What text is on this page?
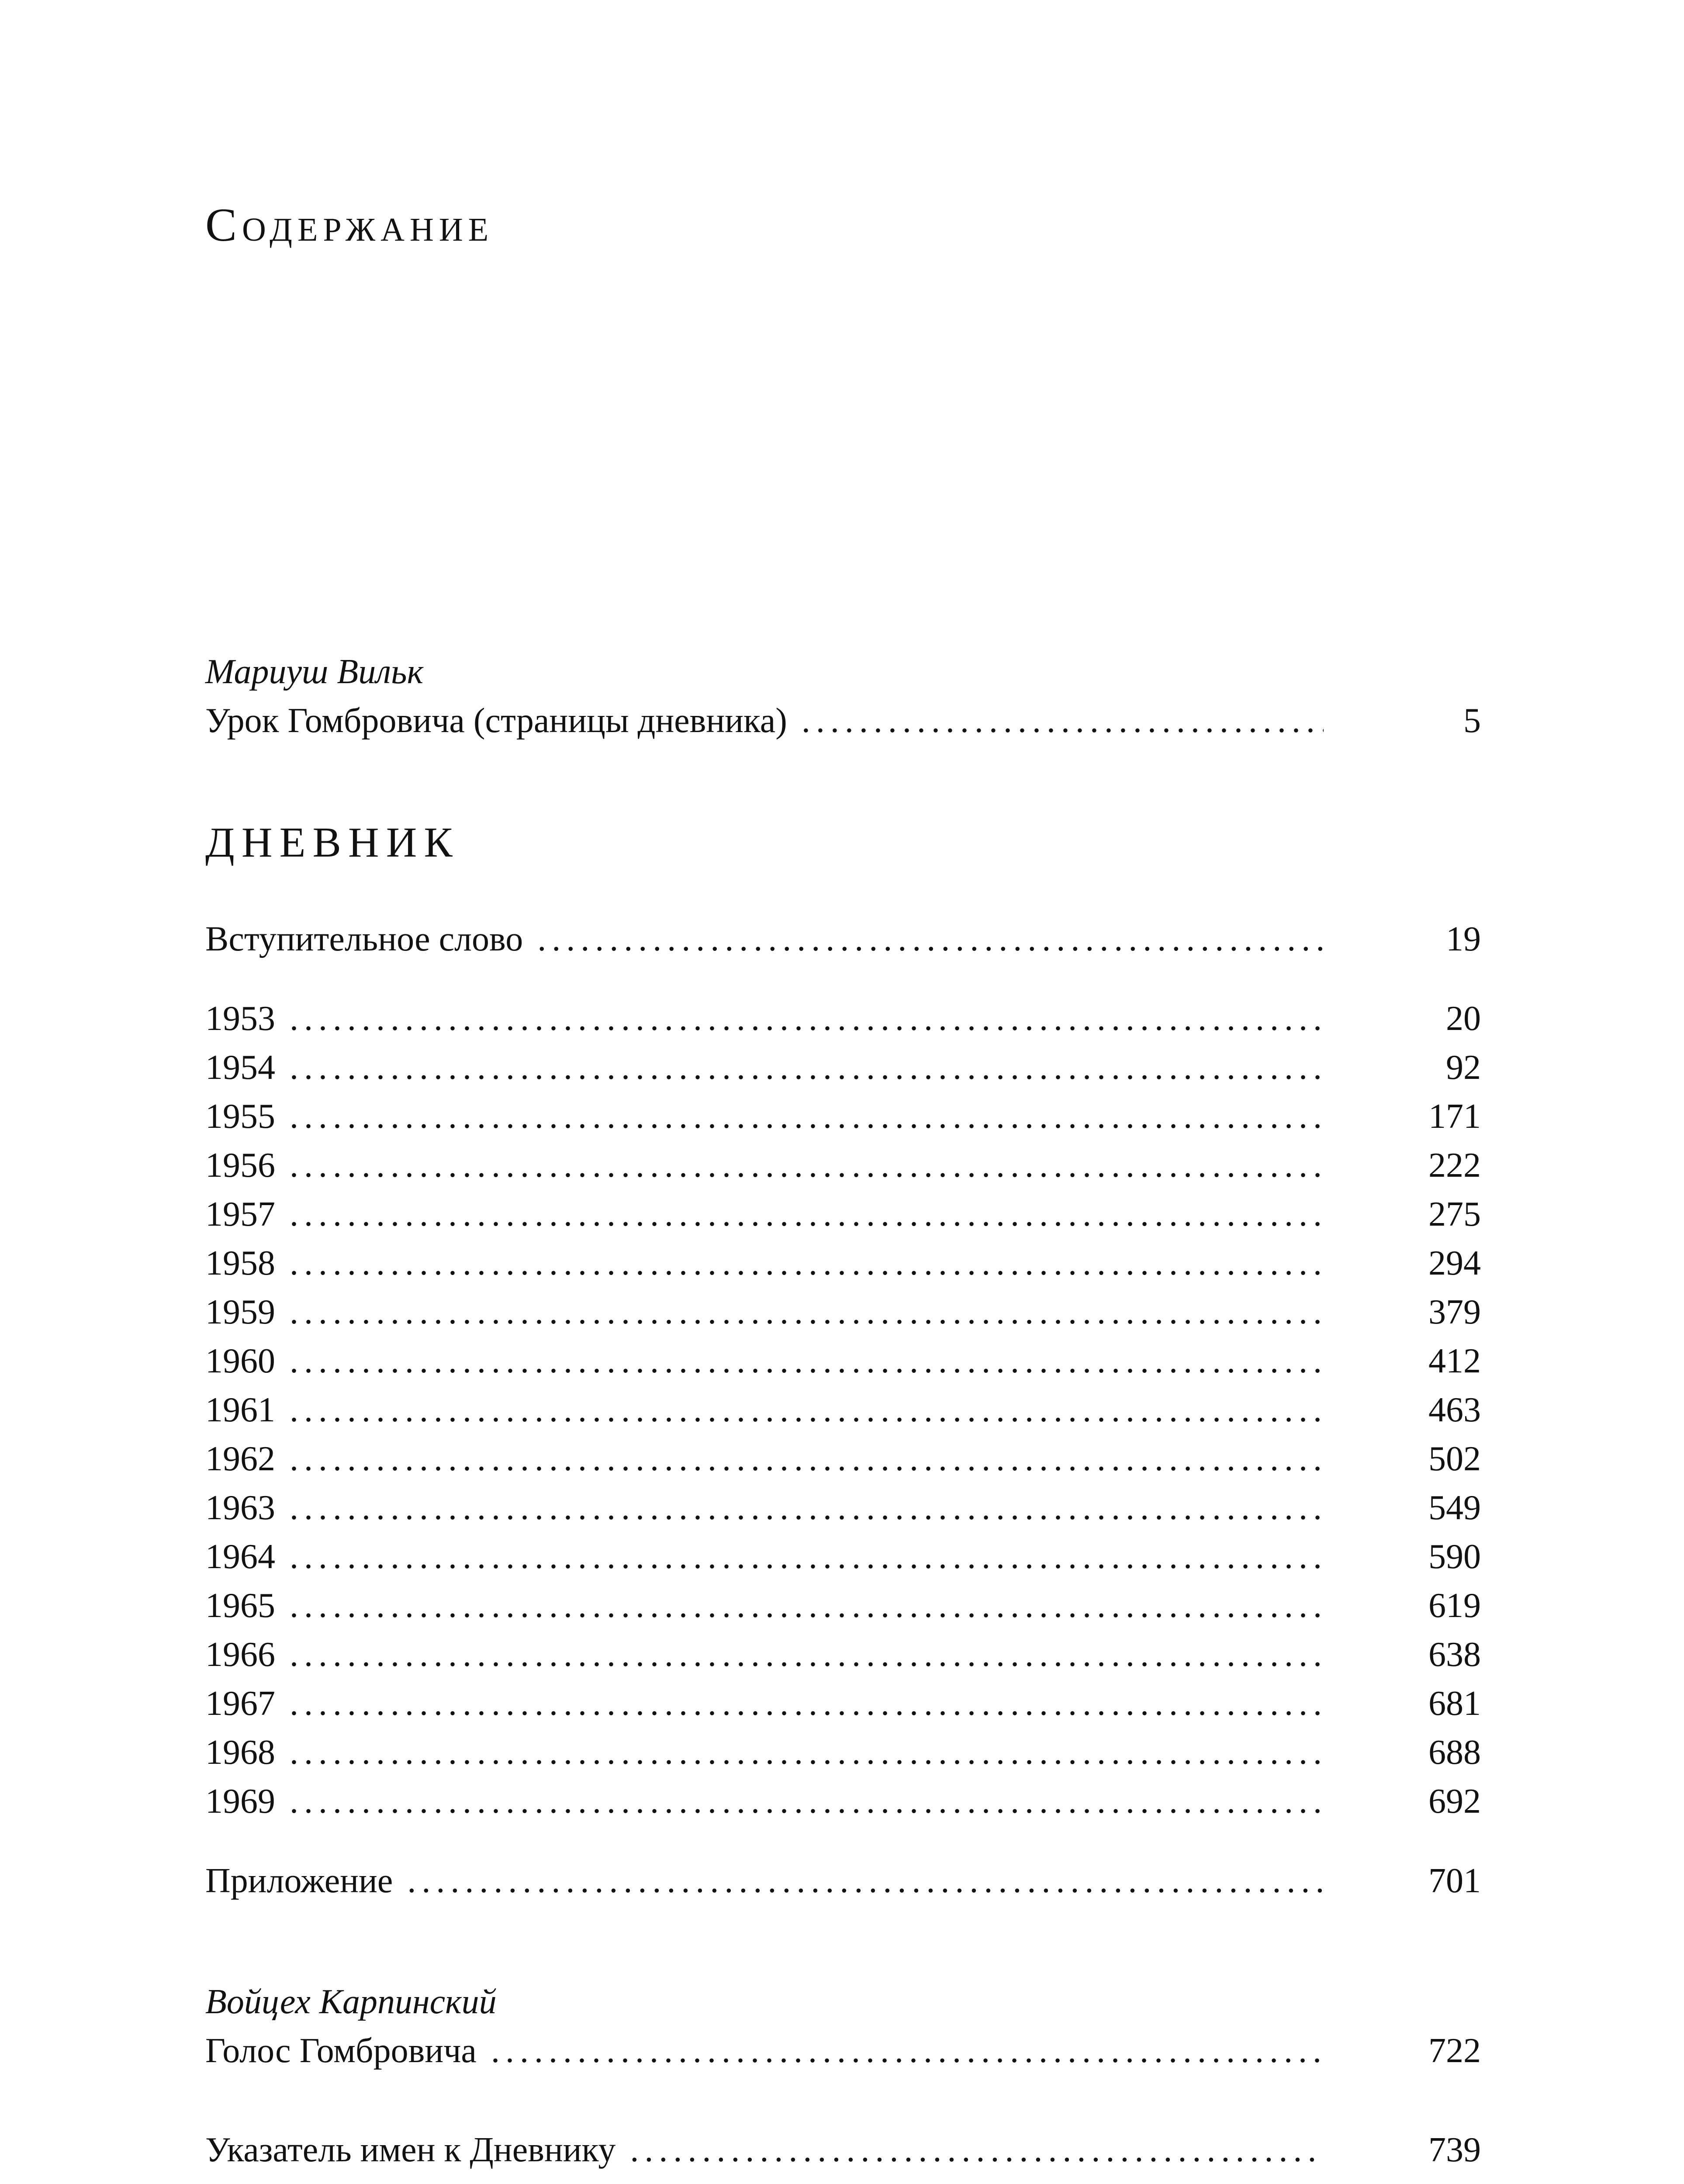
Содержание
Мариуш Вильк
Урок Гомбровича (страницы дневника) .....	5
ДНЕВНИК
Вступительное слово .....	19
1953 .....	20
1954 .....	92
1955 .....	171
1956 .....	222
1957 .....	275
1958 .....	294
1959 .....	379
1960 .....	412
1961 .....	463
1962 .....	502
1963 .....	549
1964 .....	590
1965 .....	619
1966 .....	638
1967 .....	681
1968 .....	688
1969 .....	692
Приложение .....	701
Войцех Карпинский
Голос Гомбровича .....	722
Указатель имен к Дневнику .....	739
